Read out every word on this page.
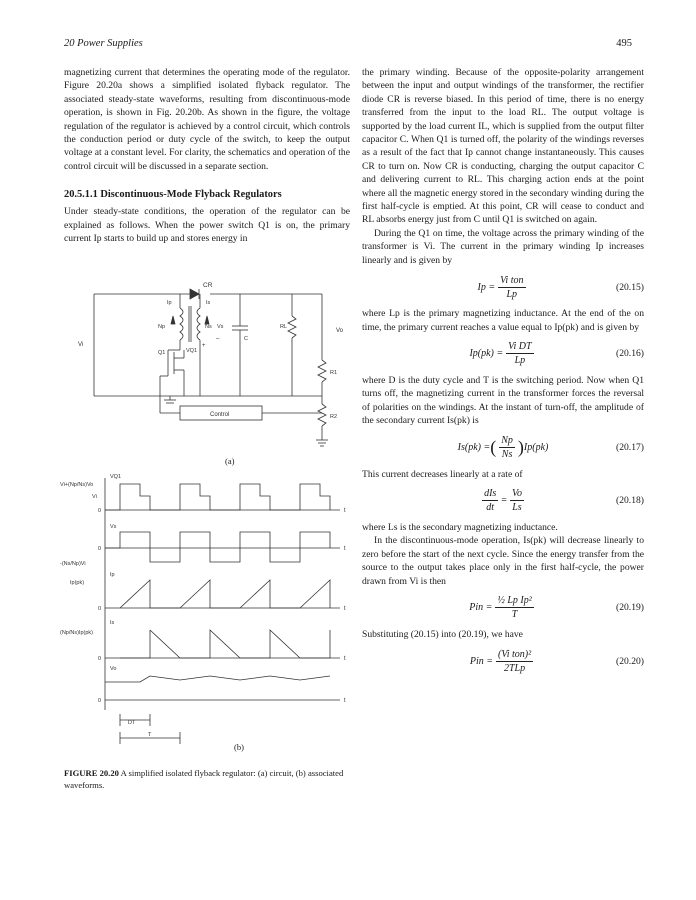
20 Power Supplies	495

magnetizing current that determines the operating mode of the regulator. Figure 20.20a shows a simplified isolated flyback regulator. The associated steady-state waveforms, resulting from discontinuous-mode operation, is shown in Fig. 20.20b. As shown in the figure, the voltage regulation of the regulator is achieved by a control circuit, which controls the conduction period or duty cycle of the switch, to keep the output voltage at a constant level. For clarity, the schematics and operation of the control circuit will be discussed in a separate section.

20.5.1.1 Discontinuous-Mode Flyback Regulators

Under steady-state conditions, the operation of the regulator can be explained as follows. When the power switch Q1 is on, the primary current Ip starts to build up and stores energy in

CR
Ip	Is
Np	Ns Vs
Vi
C
RL
Vo
Q1	VQ1
R1
R2
Control
+
–
(a)
Vi+(Np/Ns)Vo
Vi
0
VQ1
Vs
0
-(Ns/Np)Vi
Ip
Ip(pk)
0
Is
(Np/Ns)Ip(pk)
0
Vo
0
t
t
t
t
t
DT
T
(b)
FIGURE 20.20 A simplified isolated flyback regulator: (a) circuit, (b) associated waveforms.

the primary winding. Because of the opposite-polarity arrangement between the input and output windings of the transformer, the rectifier diode CR is reverse biased. In this period of time, there is no energy transferred from the input to the load RL. The output voltage is supported by the load current IL, which is supplied from the output filter capacitor C. When Q1 is turned off, the polarity of the windings reverses as a result of the fact that Ip cannot change instantaneously. This causes CR to turn on. Now CR is conducting, charging the output capacitor C and delivering current to RL. This charging action ends at the point where all the magnetic energy stored in the secondary winding during the first half-cycle is emptied. At this point, CR will cease to conduct and RL absorbs energy just from C until Q1 is switched on again.

During the Q1 on time, the voltage across the primary winding of the transformer is Vi. The current in the primary winding Ip increases linearly and is given by

$Ip = \frac{\text{Vi ton}}{Lp}$	(20.15)

where Lp is the primary magnetizing inductance. At the end of the on time, the primary current reaches a value equal to Ip(pk) and is given by

$Ip(pk) = \frac{\text{Vi DT}}{Lp}$	(20.16)

where D is the duty cycle and T is the switching period. Now when Q1 turns off, the magnetizing current in the transformer forces the reversal of polarities on the windings. At the instant of turn-off, the amplitude of the secondary current Is(pk) is

Is(pk) = ( $\frac{Np}{Ns}$ ) Ip(pk)	(20.17)

This current decreases linearly at a rate of

$\frac{\text{dIs}}{dt} = \frac{Vo}{Ls}$	(20.18)

where Ls is the secondary magnetizing inductance.

In the discontinuous-mode operation, Is(pk) will decrease linearly to zero before the start of the next cycle. Since the energy transfer from the source to the output takes place only in the first half-cycle, the power drawn from Vi is then

Pin = $\frac{\text{½ Lp Ip²}}{T}$	(20.19)

Substituting (20.15) into (20.19), we have

Pin = $\frac{\text{(Vi ton)²}}{\text{2TLp}}$	(20.20)
